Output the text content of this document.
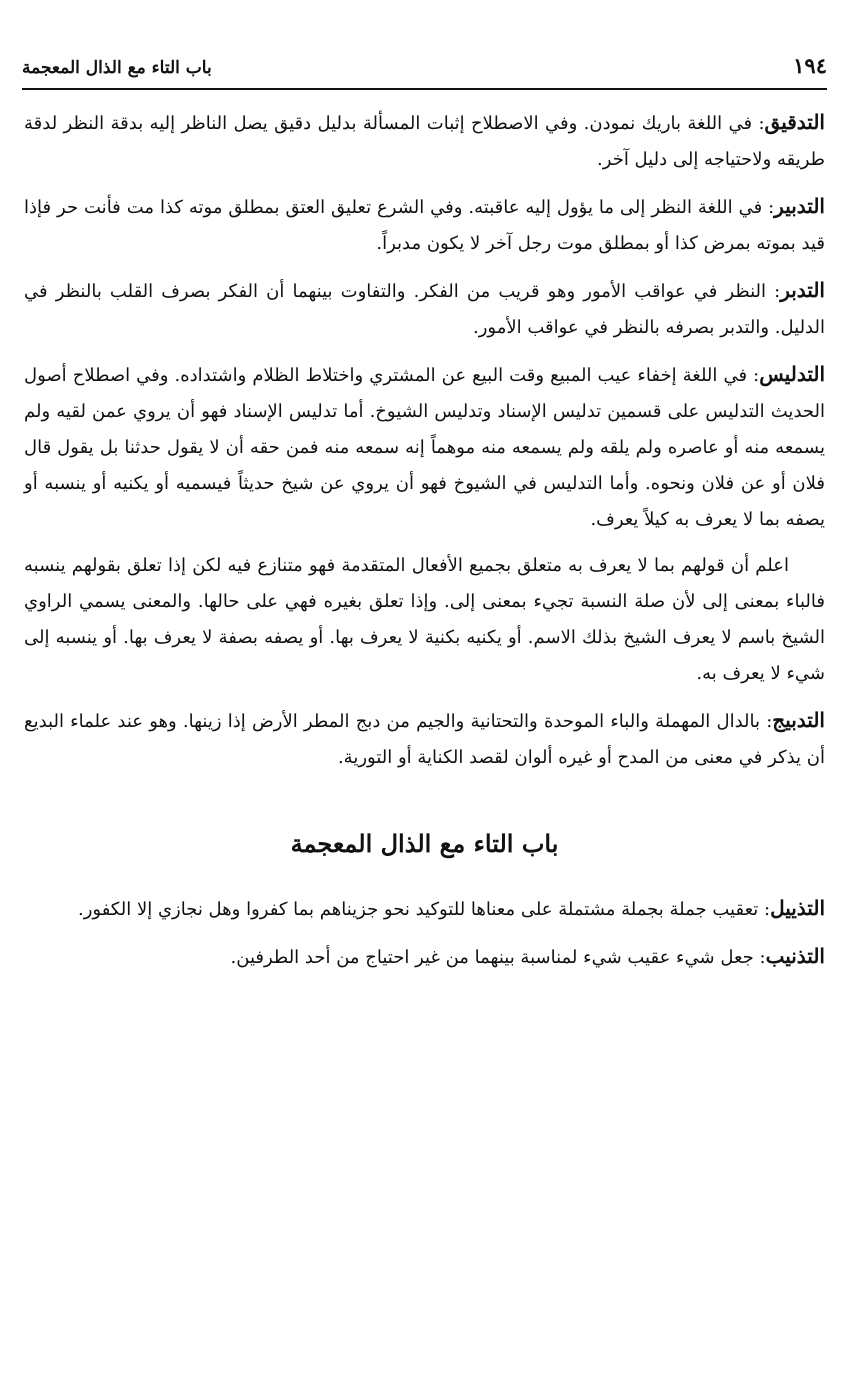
١٩٤
باب التاء مع الذال المعجمة

التدقيق: في اللغة باريك نمودن. وفي الاصطلاح إثبات المسألة بدليل دقيق يصل الناظر إليه بدقة النظر لدقة طريقه ولاحتياجه إلى دليل آخر.

التدبير: في اللغة النظر إلى ما يؤول إليه عاقبته. وفي الشرع تعليق العتق بمطلق موته كذا مت فأنت حر فإذا قيد بموته بمرض كذا أو بمطلق موت رجل آخر لا يكون مدبراً.

التدبر: النظر في عواقب الأمور وهو قريب من الفكر. والتفاوت بينهما أن الفكر بصرف القلب بالنظر في الدليل. والتدبر بصرفه بالنظر في عواقب الأمور.

التدليس: في اللغة إخفاء عيب المبيع وقت البيع عن المشتري واختلاط الظلام واشتداده. وفي اصطلاح أصول الحديث التدليس على قسمين تدليس الإسناد وتدليس الشيوخ. أما تدليس الإسناد فهو أن يروي عمن لقيه ولم يسمعه منه أو عاصره ولم يلقه ولم يسمعه منه موهماً إنه سمعه منه فمن حقه أن لا يقول حدثنا بل يقول قال فلان أو عن فلان ونحوه. وأما التدليس في الشيوخ فهو أن يروي عن شيخ حديثاً فيسميه أو يكنيه أو ينسبه أو يصفه بما لا يعرف به كيلاً يعرف.

اعلم أن قولهم بما لا يعرف به متعلق بجميع الأفعال المتقدمة فهو متنازع فيه لكن إذا تعلق بقولهم ينسبه فالباء بمعنى إلى لأن صلة النسبة تجيء بمعنى إلى. وإذا تعلق بغيره فهي على حالها. والمعنى يسمي الراوي الشيخ باسم لا يعرف الشيخ بذلك الاسم. أو يكنيه بكنية لا يعرف بها. أو يصفه بصفة لا يعرف بها. أو ينسبه إلى شيء لا يعرف به.

التدبيج: بالدال المهملة والباء الموحدة والتحتانية والجيم من دبج المطر الأرض إذا زينها. وهو عند علماء البديع أن يذكر في معنى من المدح أو غيره ألوان لقصد الكناية أو التورية.

باب التاء مع الذال المعجمة

التذييل: تعقيب جملة بجملة مشتملة على معناها للتوكيد نحو جزيناهم بما كفروا وهل نجازي إلا الكفور.

التذنيب: جعل شيء عقيب شيء لمناسبة بينهما من غير احتياج من أحد الطرفين.
